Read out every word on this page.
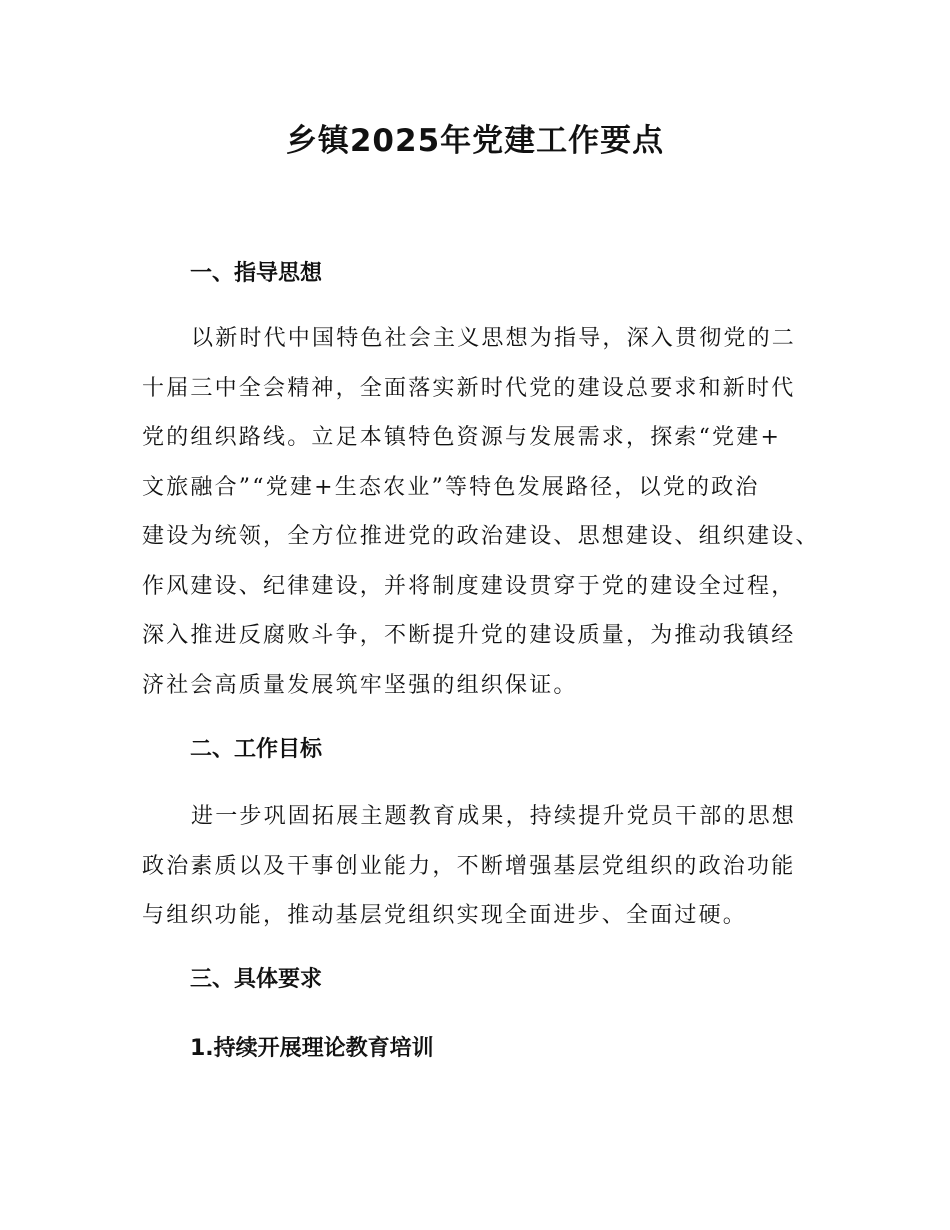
乡镇2025年党建工作要点
一、指导思想
以新时代中国特色社会主义思想为指导，深入贯彻党的二
十届三中全会精神，全面落实新时代党的建设总要求和新时代
党的组织路线。立足本镇特色资源与发展需求，探索“党建+
文旅融合”“党建+生态农业”等特色发展路径，以党的政治
建设为统领，全方位推进党的政治建设、思想建设、组织建设、
作风建设、纪律建设，并将制度建设贯穿于党的建设全过程，
深入推进反腐败斗争，不断提升党的建设质量，为推动我镇经
济社会高质量发展筑牢坚强的组织保证。
二、工作目标
进一步巩固拓展主题教育成果，持续提升党员干部的思想
政治素质以及干事创业能力，不断增强基层党组织的政治功能
与组织功能，推动基层党组织实现全面进步、全面过硬。
三、具体要求
1.持续开展理论教育培训
